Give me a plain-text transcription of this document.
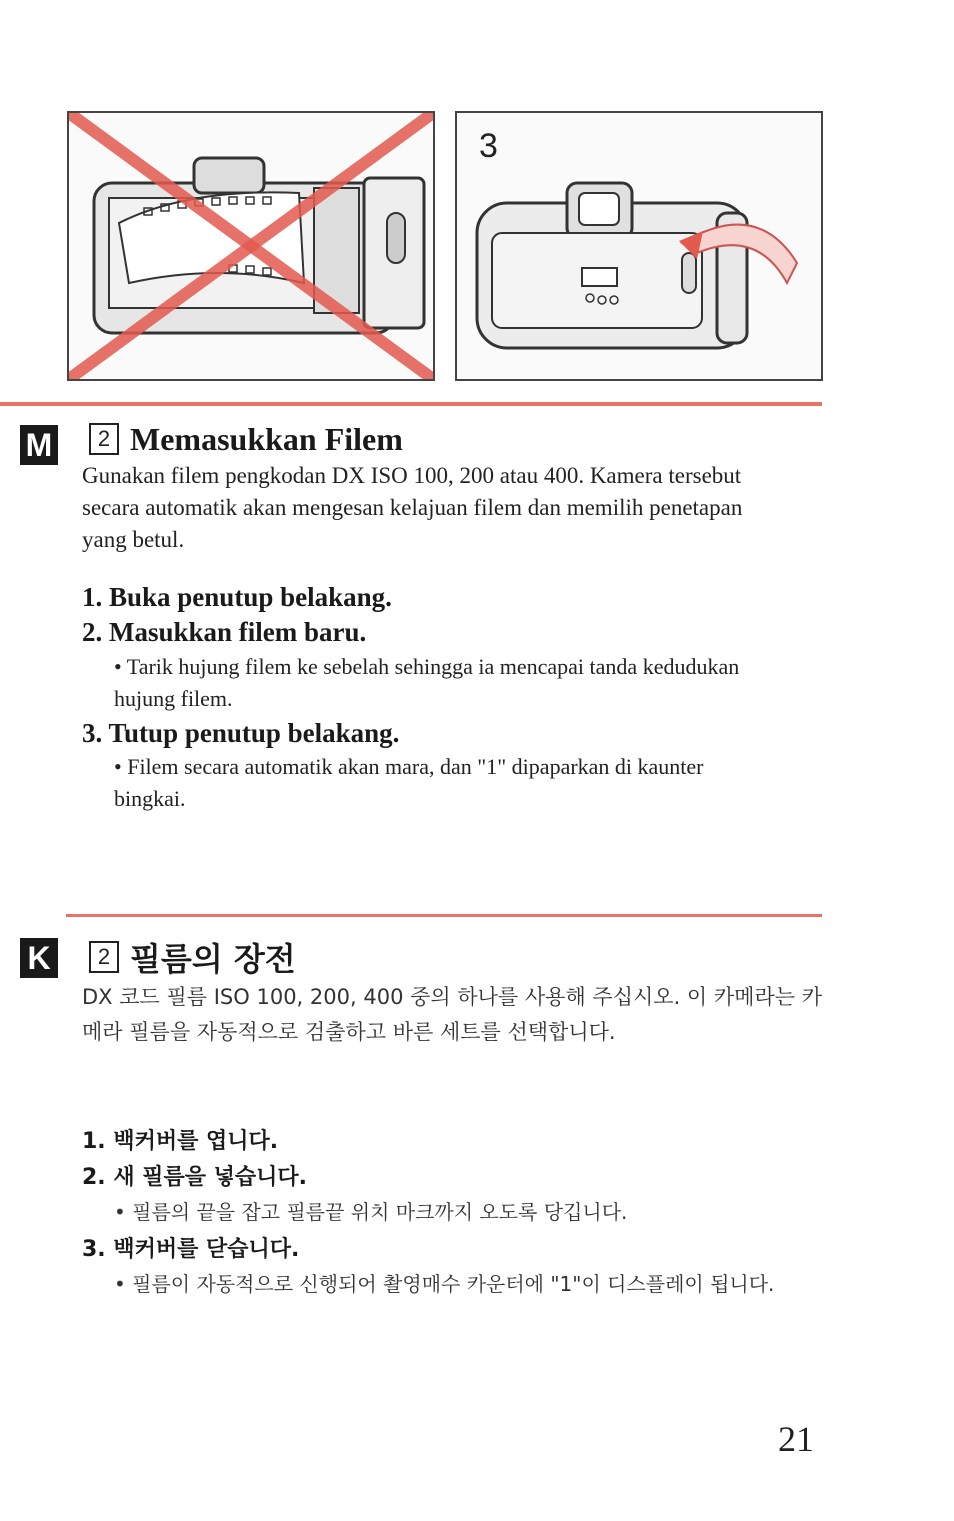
3
M	2 Memasukkan Filem
Gunakan filem pengkodan DX ISO 100, 200 atau 400. Kamera tersebut secara automatik akan mengesan kelajuan filem dan memilih penetapan yang betul.
1. Buka penutup belakang.
2. Masukkan filem baru.
• Tarik hujung filem ke sebelah sehingga ia mencapai tanda kedudukan hujung filem.
3. Tutup penutup belakang.
• Filem secara automatik akan mara, dan "1" dipaparkan di kaunter bingkai.
K	2 필름의 장전
DX 코드 필름 ISO 100, 200, 400 중의 하나를 사용해 주십시오. 이 카메라는 카메라 필름을 자동적으로 검출하고 바른 세트를 선택합니다.
1. 백커버를 엽니다.
2. 새 필름을 넣습니다.
• 필름의 끝을 잡고 필름끝 위치 마크까지 오도록 당깁니다.
3. 백커버를 닫습니다.
• 필름이 자동적으로 신행되어 촬영매수 카운터에 "1"이 디스플레이 됩니다.
21
